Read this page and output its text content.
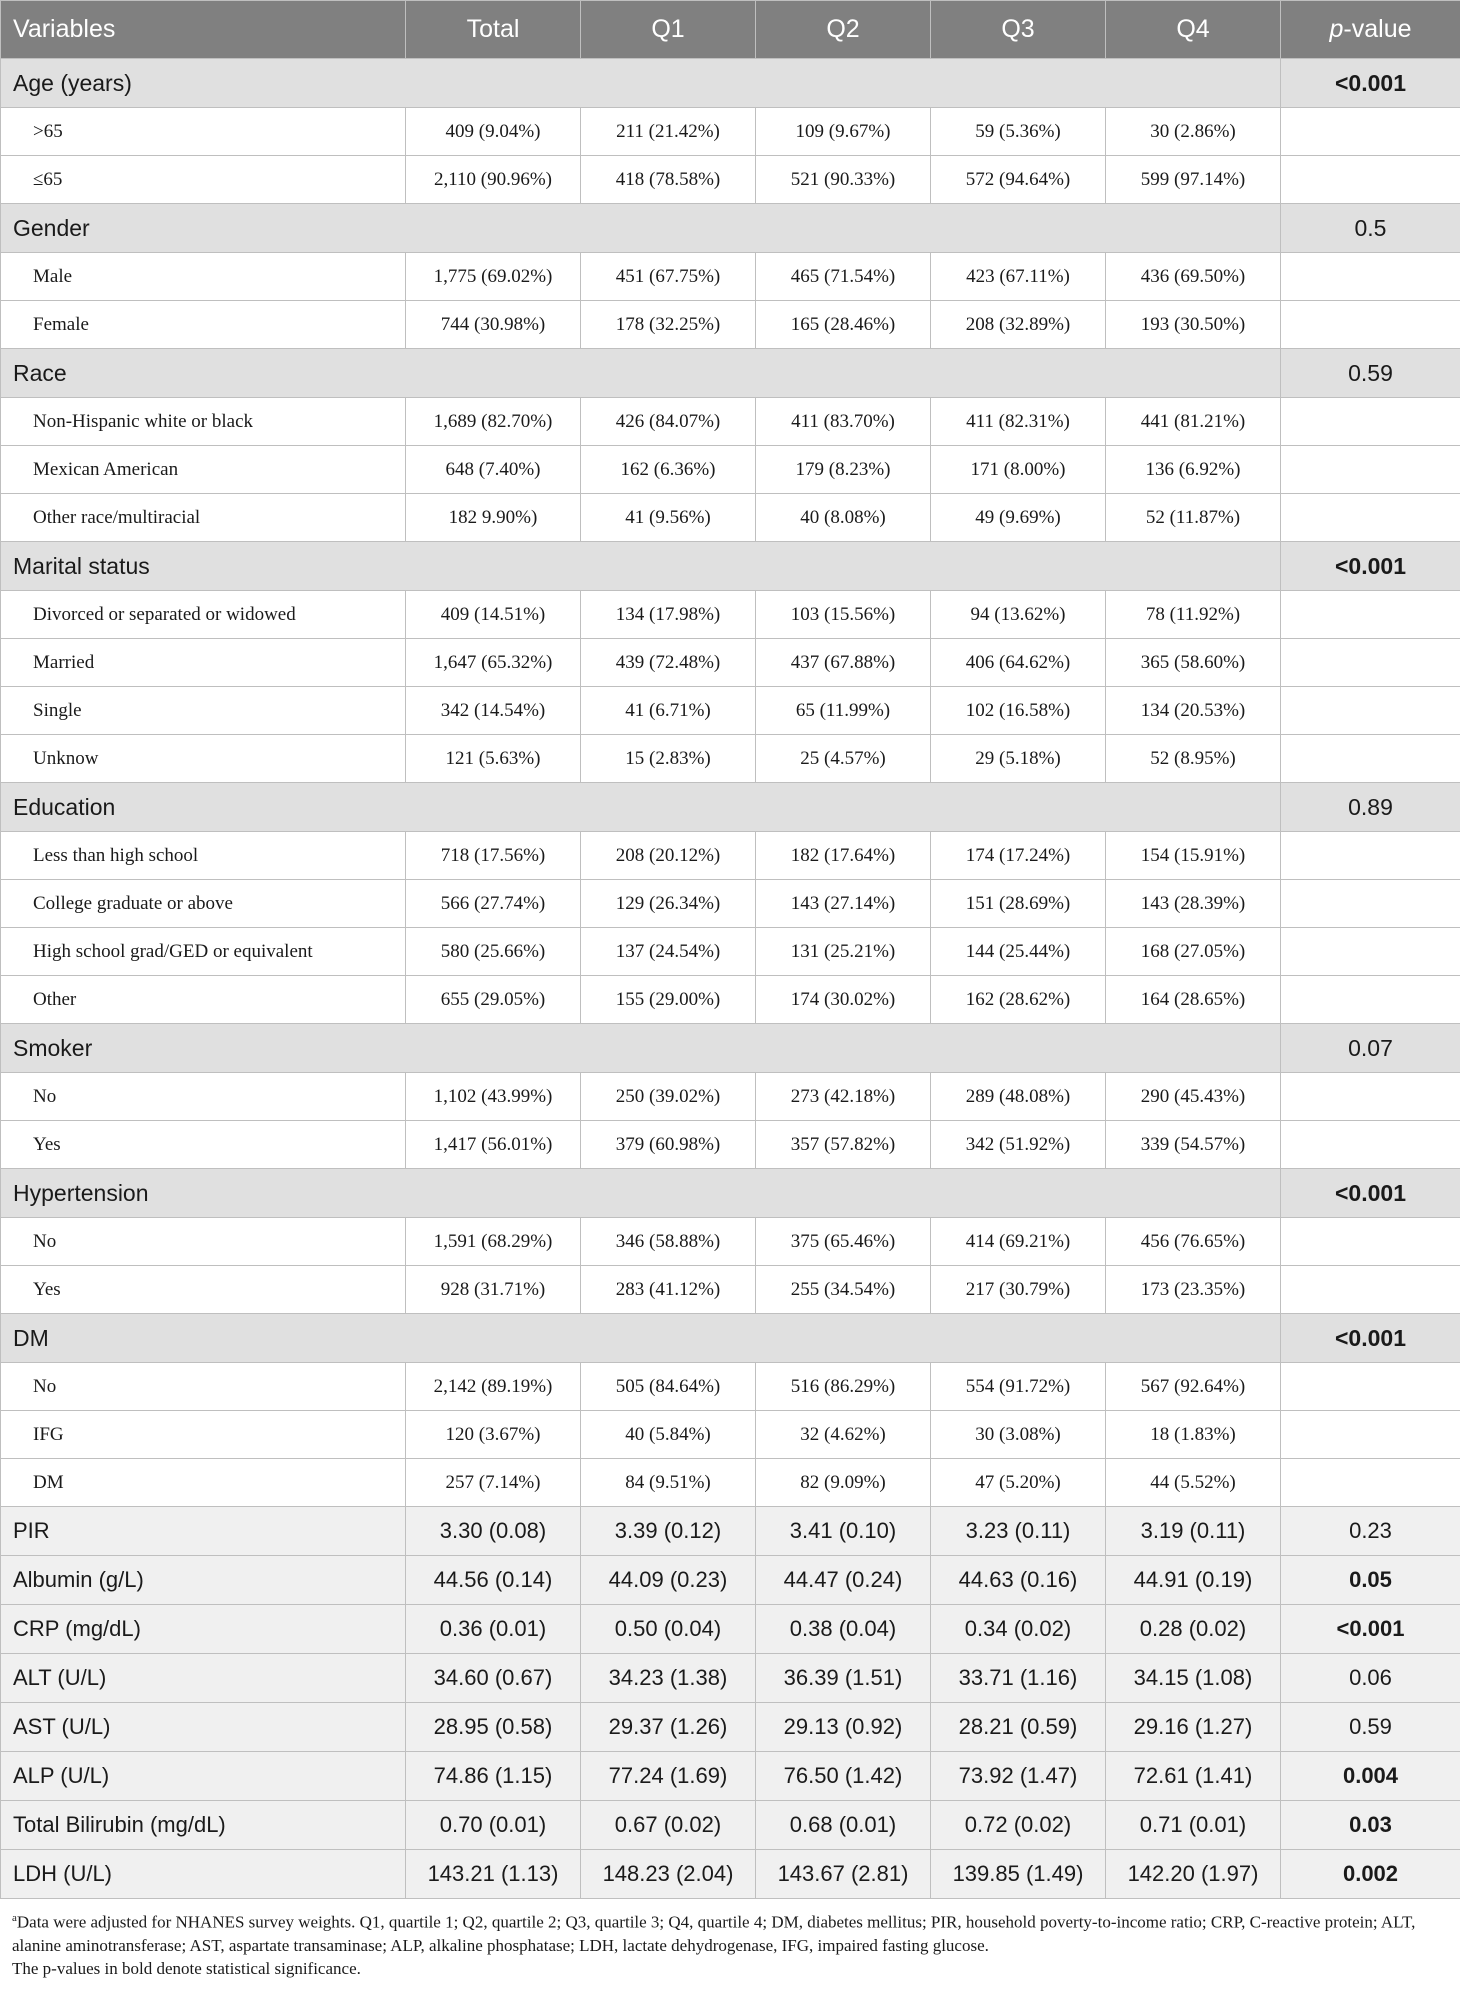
Variables	Total	Q1	Q2	Q3	Q4	p-value
Age (years)						<0.001
>65	409 (9.04%)	211 (21.42%)	109 (9.67%)	59 (5.36%)	30 (2.86%)	
≤65	2,110 (90.96%)	418 (78.58%)	521 (90.33%)	572 (94.64%)	599 (97.14%)	
Gender						0.5
Male	1,775 (69.02%)	451 (67.75%)	465 (71.54%)	423 (67.11%)	436 (69.50%)	
Female	744 (30.98%)	178 (32.25%)	165 (28.46%)	208 (32.89%)	193 (30.50%)	
Race						0.59
Non-Hispanic white or black	1,689 (82.70%)	426 (84.07%)	411 (83.70%)	411 (82.31%)	441 (81.21%)	
Mexican American	648 (7.40%)	162 (6.36%)	179 (8.23%)	171 (8.00%)	136 (6.92%)	
Other race/multiracial	182 9.90%)	41 (9.56%)	40 (8.08%)	49 (9.69%)	52 (11.87%)	
Marital status						<0.001
Divorced or separated or widowed	409 (14.51%)	134 (17.98%)	103 (15.56%)	94 (13.62%)	78 (11.92%)	
Married	1,647 (65.32%)	439 (72.48%)	437 (67.88%)	406 (64.62%)	365 (58.60%)	
Single	342 (14.54%)	41 (6.71%)	65 (11.99%)	102 (16.58%)	134 (20.53%)	
Unknow	121 (5.63%)	15 (2.83%)	25 (4.57%)	29 (5.18%)	52 (8.95%)	
Education						0.89
Less than high school	718 (17.56%)	208 (20.12%)	182 (17.64%)	174 (17.24%)	154 (15.91%)	
College graduate or above	566 (27.74%)	129 (26.34%)	143 (27.14%)	151 (28.69%)	143 (28.39%)	
High school grad/GED or equivalent	580 (25.66%)	137 (24.54%)	131 (25.21%)	144 (25.44%)	168 (27.05%)	
Other	655 (29.05%)	155 (29.00%)	174 (30.02%)	162 (28.62%)	164 (28.65%)	
Smoker						0.07
No	1,102 (43.99%)	250 (39.02%)	273 (42.18%)	289 (48.08%)	290 (45.43%)	
Yes	1,417 (56.01%)	379 (60.98%)	357 (57.82%)	342 (51.92%)	339 (54.57%)	
Hypertension						<0.001
No	1,591 (68.29%)	346 (58.88%)	375 (65.46%)	414 (69.21%)	456 (76.65%)	
Yes	928 (31.71%)	283 (41.12%)	255 (34.54%)	217 (30.79%)	173 (23.35%)	
DM						<0.001
No	2,142 (89.19%)	505 (84.64%)	516 (86.29%)	554 (91.72%)	567 (92.64%)	
IFG	120 (3.67%)	40 (5.84%)	32 (4.62%)	30 (3.08%)	18 (1.83%)	
DM	257 (7.14%)	84 (9.51%)	82 (9.09%)	47 (5.20%)	44 (5.52%)	
PIR	3.30 (0.08)	3.39 (0.12)	3.41 (0.10)	3.23 (0.11)	3.19 (0.11)	0.23
Albumin (g/L)	44.56 (0.14)	44.09 (0.23)	44.47 (0.24)	44.63 (0.16)	44.91 (0.19)	0.05
CRP (mg/dL)	0.36 (0.01)	0.50 (0.04)	0.38 (0.04)	0.34 (0.02)	0.28 (0.02)	<0.001
ALT (U/L)	34.60 (0.67)	34.23 (1.38)	36.39 (1.51)	33.71 (1.16)	34.15 (1.08)	0.06
AST (U/L)	28.95 (0.58)	29.37 (1.26)	29.13 (0.92)	28.21 (0.59)	29.16 (1.27)	0.59
ALP (U/L)	74.86 (1.15)	77.24 (1.69)	76.50 (1.42)	73.92 (1.47)	72.61 (1.41)	0.004
Total Bilirubin (mg/dL)	0.70 (0.01)	0.67 (0.02)	0.68 (0.01)	0.72 (0.02)	0.71 (0.01)	0.03
LDH (U/L)	143.21 (1.13)	148.23 (2.04)	143.67 (2.81)	139.85 (1.49)	142.20 (1.97)	0.002
$^a$Data were adjusted for NHANES survey weights. Q1, quartile 1; Q2, quartile 2; Q3, quartile 3; Q4, quartile 4; DM, diabetes mellitus; PIR, household poverty-to-income ratio; CRP, C-reactive protein; ALT, alanine aminotransferase; AST, aspartate transaminase; ALP, alkaline phosphatase; LDH, lactate dehydrogenase, IFG, impaired fasting glucose.
The p-values in bold denote statistical significance.
